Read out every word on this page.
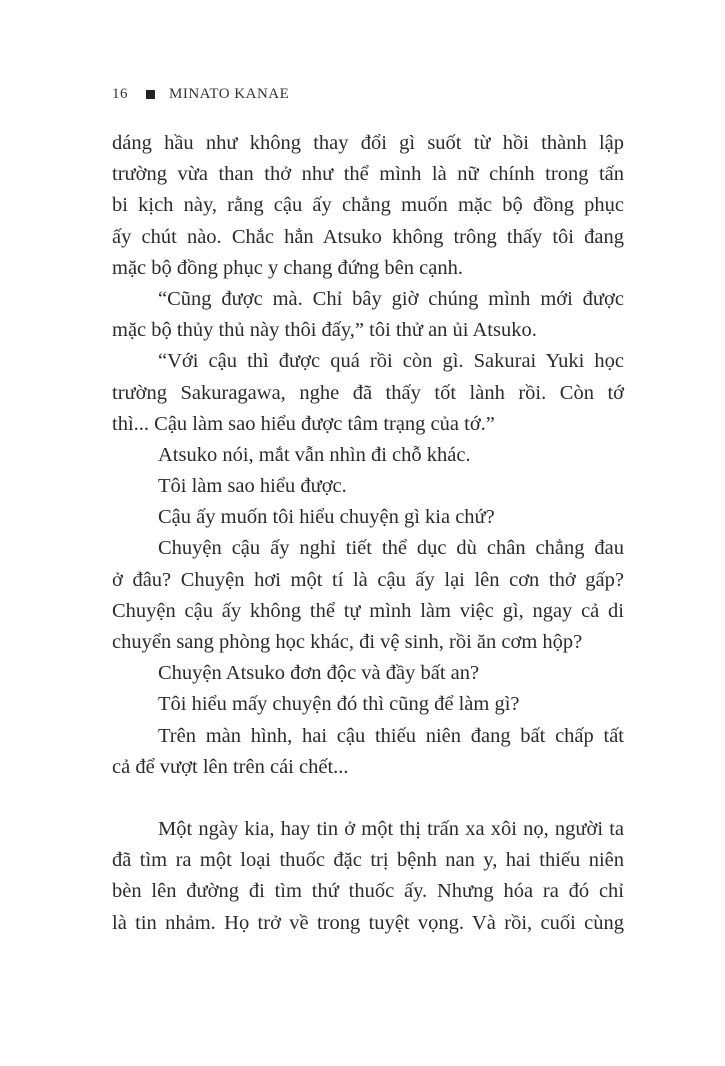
16	MINATO KANAE
dáng hầu như không thay đổi gì suốt từ hồi thành lập
trường vừa than thở như thể mình là nữ chính trong tấn
bi kịch này, rằng cậu ấy chẳng muốn mặc bộ đồng phục
ấy chút nào. Chắc hẳn Atsuko không trông thấy tôi đang
mặc bộ đồng phục y chang đứng bên cạnh.
“Cũng được mà. Chỉ bây giờ chúng mình mới được
mặc bộ thủy thủ này thôi đấy,” tôi thử an ủi Atsuko.
“Với cậu thì được quá rồi còn gì. Sakurai Yuki học
trường Sakuragawa, nghe đã thấy tốt lành rồi. Còn tớ
thì... Cậu làm sao hiểu được tâm trạng của tớ.”
Atsuko nói, mắt vẫn nhìn đi chỗ khác.
Tôi làm sao hiểu được.
Cậu ấy muốn tôi hiểu chuyện gì kia chứ?
Chuyện cậu ấy nghỉ tiết thể dục dù chân chẳng đau
ở đâu? Chuyện hơi một tí là cậu ấy lại lên cơn thở gấp?
Chuyện cậu ấy không thể tự mình làm việc gì, ngay cả di
chuyển sang phòng học khác, đi vệ sinh, rồi ăn cơm hộp?
Chuyện Atsuko đơn độc và đầy bất an?
Tôi hiểu mấy chuyện đó thì cũng để làm gì?
Trên màn hình, hai cậu thiếu niên đang bất chấp tất
cả để vượt lên trên cái chết...
Một ngày kia, hay tin ở một thị trấn xa xôi nọ, người ta
đã tìm ra một loại thuốc đặc trị bệnh nan y, hai thiếu niên
bèn lên đường đi tìm thứ thuốc ấy. Nhưng hóa ra đó chỉ
là tin nhảm. Họ trở về trong tuyệt vọng. Và rồi, cuối cùng
